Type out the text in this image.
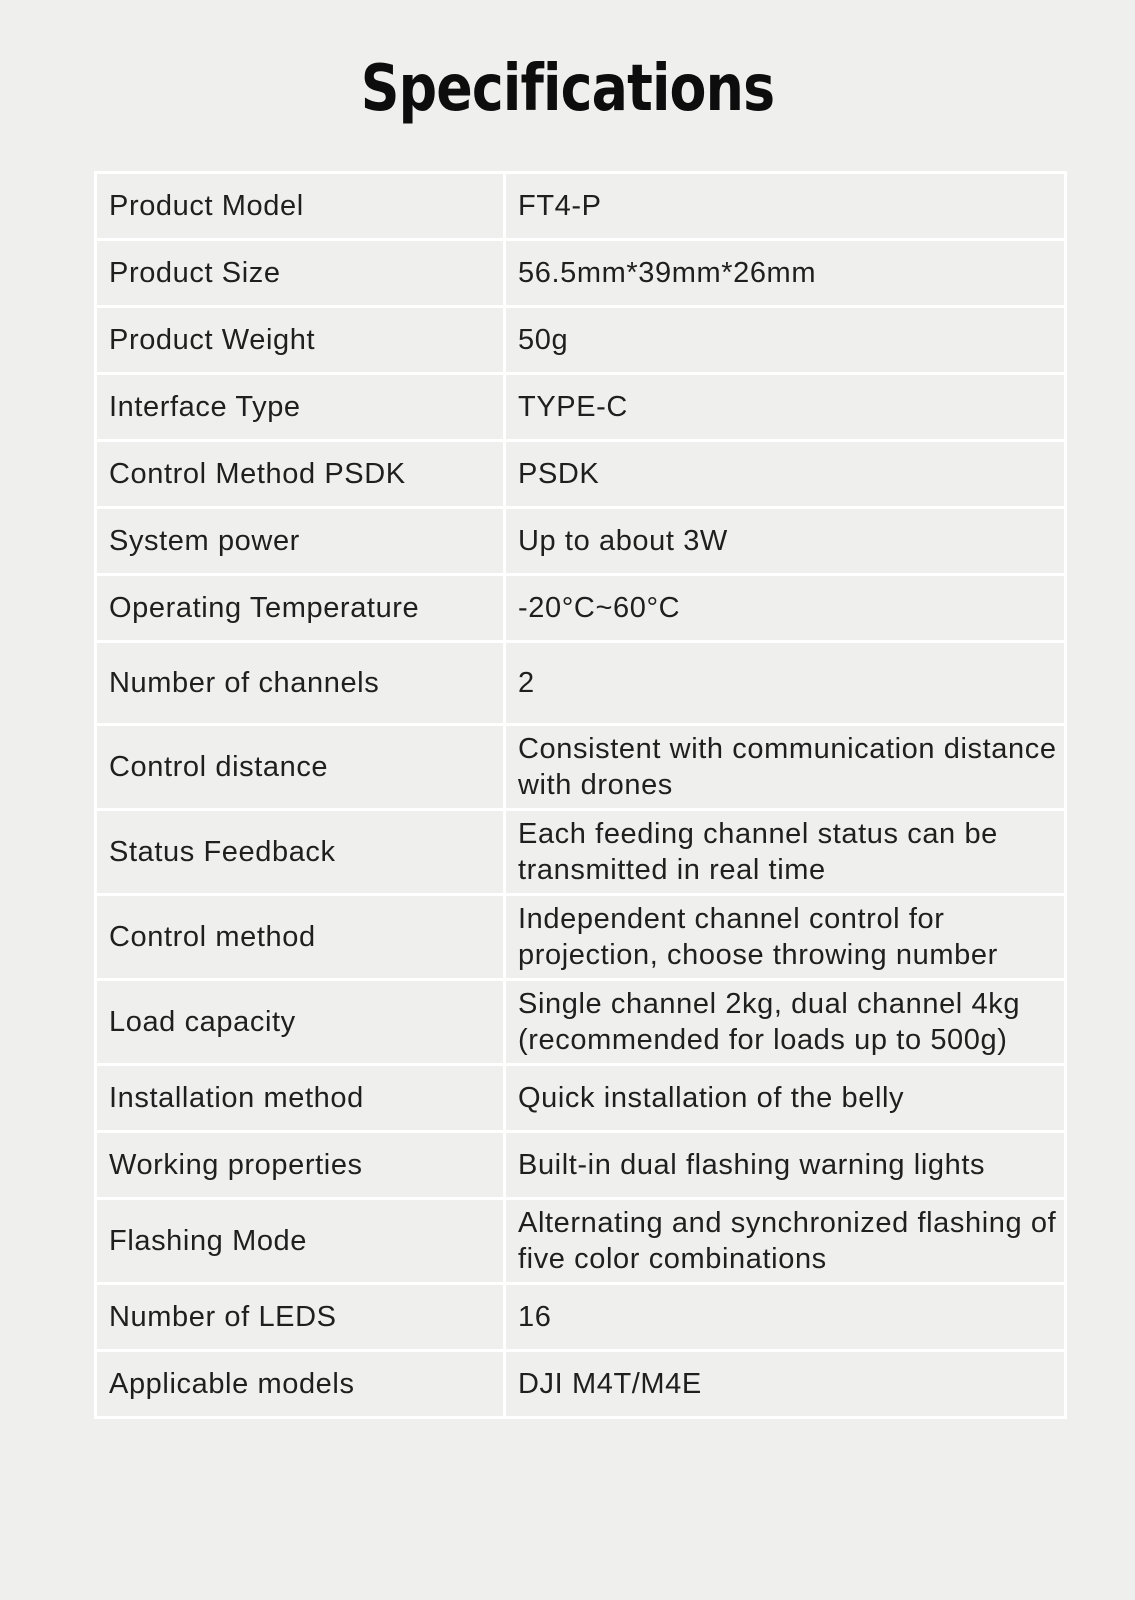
Specifications
Product Model	FT4-P
Product Size	56.5mm*39mm*26mm
Product Weight	50g
Interface Type	TYPE-C
Control Method PSDK	PSDK
System power	Up to about 3W
Operating Temperature	-20°C~60°C
Number of channels	2
Control distance	Consistent with communication distance with drones
Status Feedback	Each feeding channel status can be transmitted in real time
Control method	Independent channel control for projection, choose throwing number
Load capacity	Single channel 2kg, dual channel 4kg (recommended for loads up to 500g)
Installation method	Quick installation of the belly
Working properties	Built-in dual flashing warning lights
Flashing Mode	Alternating and synchronized flashing of five color combinations
Number of LEDS	16
Applicable models	DJI M4T/M4E
